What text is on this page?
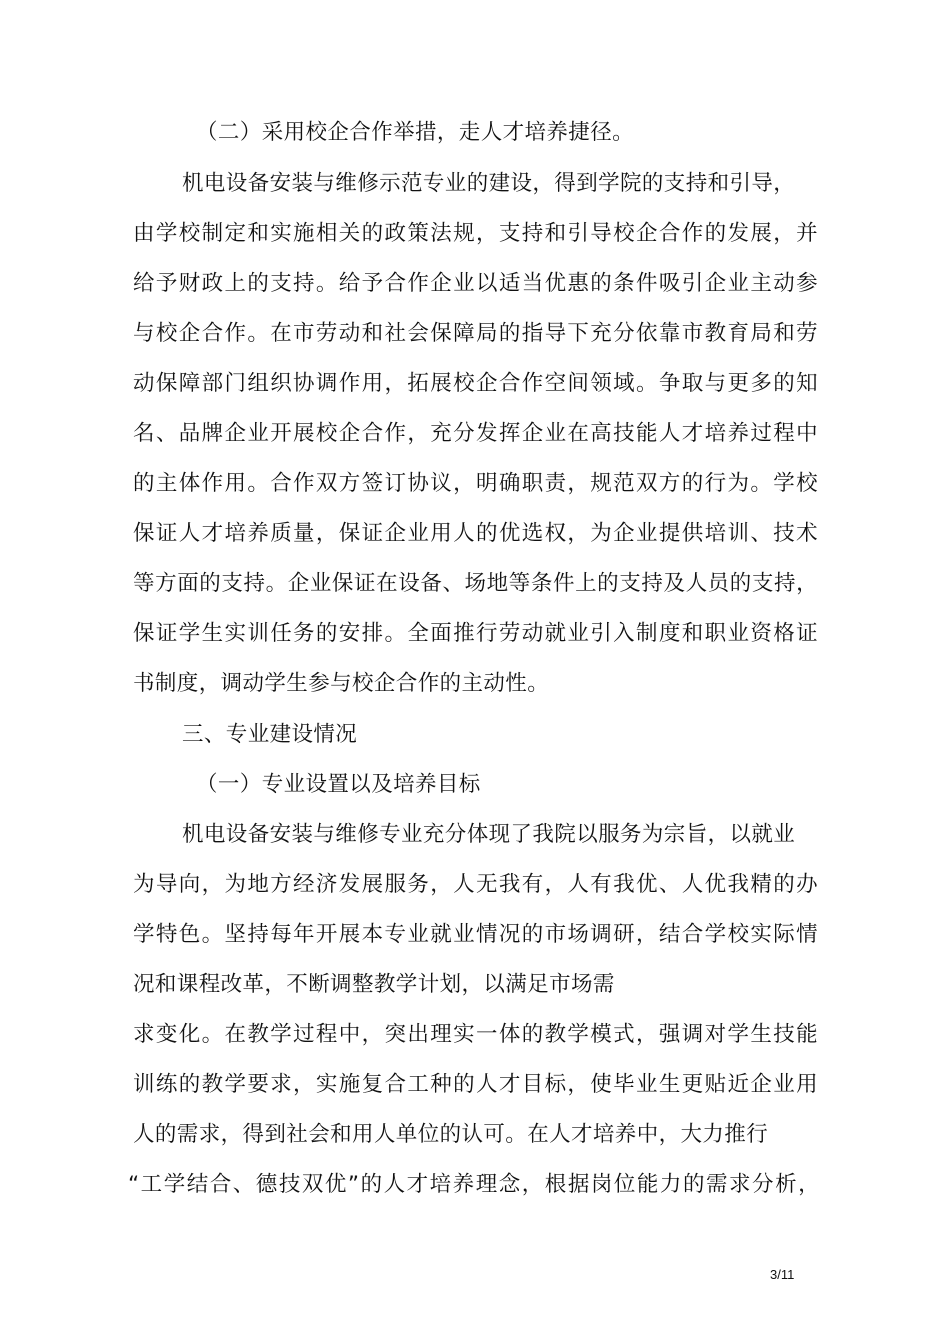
（二）采用校企合作举措，走人才培养捷径。
机电设备安装与维修示范专业的建设，得到学院的支持和引导，
由学校制定和实施相关的政策法规，支持和引导校企合作的发展，并
给予财政上的支持。给予合作企业以适当优惠的条件吸引企业主动参
与校企合作。在市劳动和社会保障局的指导下充分依靠市教育局和劳
动保障部门组织协调作用，拓展校企合作空间领域。争取与更多的知
名、品牌企业开展校企合作，充分发挥企业在高技能人才培养过程中
的主体作用。合作双方签订协议，明确职责，规范双方的行为。学校
保证人才培养质量，保证企业用人的优选权，为企业提供培训、技术
等方面的支持。企业保证在设备、场地等条件上的支持及人员的支持，
保证学生实训任务的安排。全面推行劳动就业引入制度和职业资格证
书制度，调动学生参与校企合作的主动性。
三、专业建设情况
（一）专业设置以及培养目标
机电设备安装与维修专业充分体现了我院以服务为宗旨，以就业
为导向，为地方经济发展服务，人无我有，人有我优、人优我精的办
学特色。坚持每年开展本专业就业情况的市场调研，结合学校实际情
况和课程改革，不断调整教学计划，以满足市场需
求变化。在教学过程中，突出理实一体的教学模式，强调对学生技能
训练的教学要求，实施复合工种的人才目标，使毕业生更贴近企业用
人的需求，得到社会和用人单位的认可。在人才培养中，大力推行
“工学结合、德技双优”的人才培养理念，根据岗位能力的需求分析，
3/11
